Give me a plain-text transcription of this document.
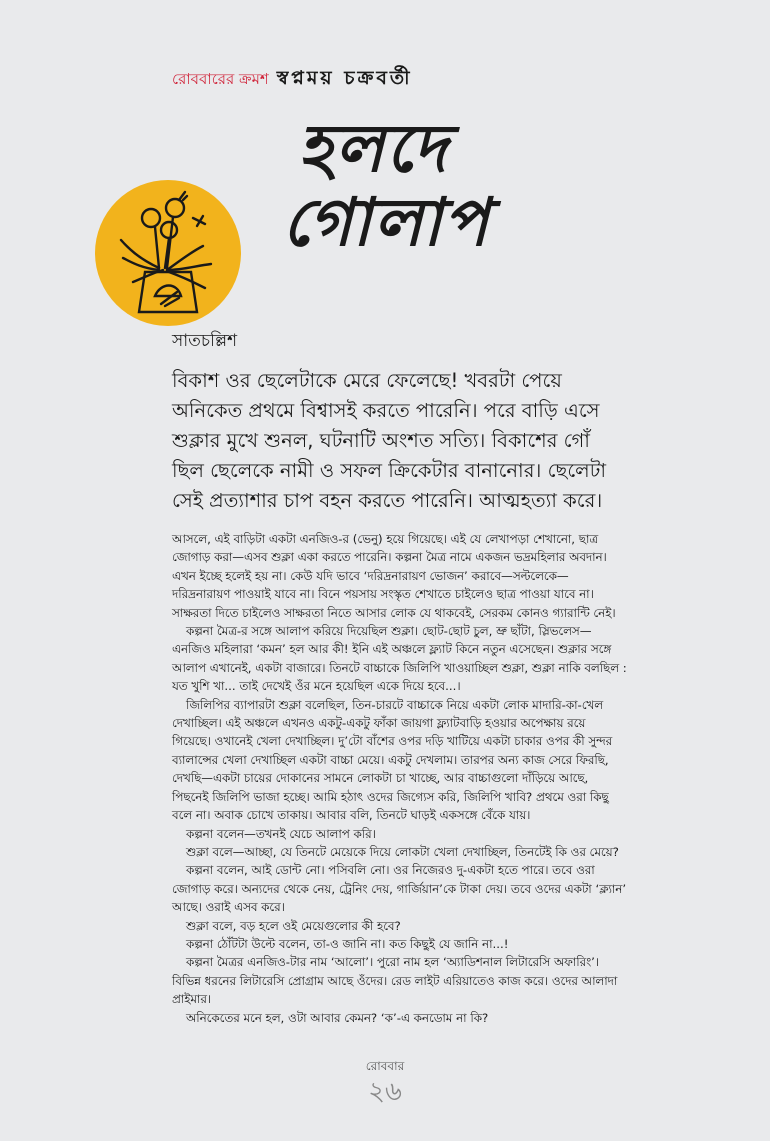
রোববারের ক্রমশ স্বপ্নময় চক্রবর্তী
হলদে
গোলাপ
সাতচল্লিশ

বিকাশ ওর ছেলেটাকে মেরে ফেলেছে! খবরটা পেয়ে অনিকেত প্রথমে বিশ্বাসই করতে পারেনি। পরে বাড়ি এসে শুক্লার মুখে শুনল, ঘটনাটি অংশত সত্যি। বিকাশের গোঁ ছিল ছেলেকে নামী ও সফল ক্রিকেটার বানানোর। ছেলেটা সেই প্রত্যাশার চাপ বহন করতে পারেনি। আত্মহত্যা করে।

আসলে, এই বাড়িটা একটা এনজিও-র (ভেনু) হয়ে গিয়েছে। এই যে লেখাপড়া শেখানো, ছাত্র জোগাড় করা—এসব শুক্লা একা করতে পারেনি। কল্পনা মৈত্র নামে একজন ভদ্রমহিলার অবদান। এখন ইচ্ছে হলেই হয় না। কেউ যদি ভাবে ‘দরিদ্রনারায়ণ ভোজন’ করাবে—সল্টলেকে—দরিদ্রনারায়ণ পাওয়াই যাবে না। বিনে পয়সায় সংস্কৃত শেখাতে চাইলেও ছাত্র পাওয়া যাবে না। সাক্ষরতা দিতে চাইলেও সাক্ষরতা নিতে আসার লোক যে থাকবেই, সেরকম কোনও গ্যারান্টি নেই।

কল্পনা মৈত্র-র সঙ্গে আলাপ করিয়ে দিয়েছিল শুক্লা। ছোট-ছোট চুল, ভ্রু ছাঁটা, স্লিভলেস—এনজিও মহিলারা ‘কমন’ হল আর কী! ইনি এই অঞ্চলে ফ্ল্যাট কিনে নতুন এসেছেন। শুক্লার সঙ্গে আলাপ এখানেই, একটা বাজারে। তিনটে বাচ্চাকে জিলিপি খাওয়াচ্ছিল শুক্লা, শুক্লা নাকি বলছিল : যত খুশি খা... তাই দেখেই ওঁর মনে হয়েছিল একে দিয়ে হবে...।

জিলিপির ব্যাপারটা শুক্লা বলেছিল, তিন-চারটে বাচ্চাকে নিয়ে একটা লোক মাদারি-কা-খেল দেখাচ্ছিল। এই অঞ্চলে এখনও একটু-একটু ফাঁকা জায়গা ফ্ল্যাটবাড়ি হওয়ার অপেক্ষায় রয়ে গিয়েছে। ওখানেই খেলা দেখাচ্ছিল। দু’টো বাঁশের ওপর দড়ি খাটিয়ে একটা চাকার ওপর কী সুন্দর ব্যালান্সের খেলা দেখাচ্ছিল একটা বাচ্চা মেয়ে। একটু দেখলাম। তারপর অন্য কাজ সেরে ফিরছি, দেখছি—একটা চায়ের দোকানের সামনে লোকটা চা খাচ্ছে, আর বাচ্চাগুলো দাঁড়িয়ে আছে, পিছনেই জিলিপি ভাজা হচ্ছে। আমি হঠাৎ ওদের জিগ্যেস করি, জিলিপি খাবি? প্রথমে ওরা কিছু বলে না। অবাক চোখে তাকায়। আবার বলি, তিনটে ঘাড়ই একসঙ্গে বেঁকে যায়।

কল্পনা বলেন—তখনই যেচে আলাপ করি।

শুক্লা বলে—আচ্ছা, যে তিনটে মেয়েকে দিয়ে লোকটা খেলা দেখাচ্ছিল, তিনটেই কি ওর মেয়ে?

কল্পনা বলেন, আই ডোন্ট নো। পসিবলি নো। ওর নিজেরও দু-একটা হতে পারে। তবে ওরা জোগাড় করে। অন্যদের থেকে নেয়, ট্রেনিং দেয়, গার্জিয়ান’কে টাকা দেয়। তবে ওদের একটা ‘ক্ল্যান’ আছে। ওরাই এসব করে।

শুক্লা বলে, বড় হলে ওই মেয়েগুলোর কী হবে?

কল্পনা ঠোঁটটা উল্টে বলেন, তা-ও জানি না। কত কিছুই যে জানি না...!

কল্পনা মৈত্রর এনজিও-টার নাম ‘আলো’। পুরো নাম হল ‘অ্যাডিশনাল লিটারেসি অফারিং’। বিভিন্ন ধরনের লিটারেসি প্রোগ্রাম আছে ওঁদের। রেড লাইট এরিয়াতেও কাজ করে। ওদের আলাদা প্রাইমার।

অনিকেতের মনে হল, ওটা আবার কেমন? ‘ক’-এ কনডোম না কি?

রোববার
২৬
